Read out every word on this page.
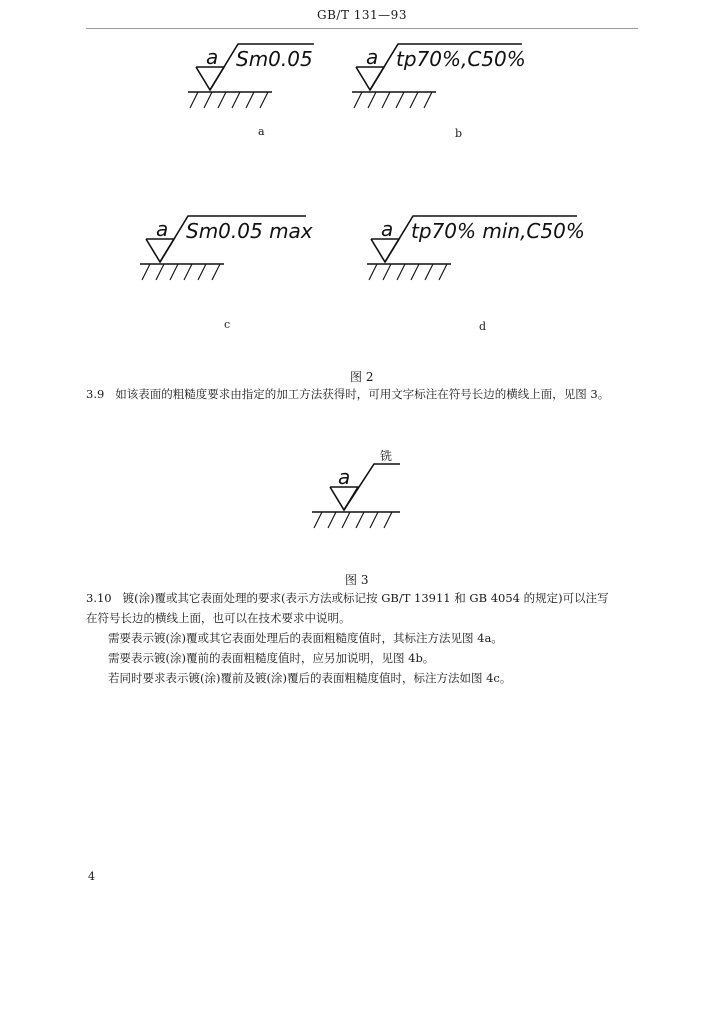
GB/T 131—93
a Sm0.05
a
a tp70%,C50%
b
a Sm0.05 max
c
a tp70% min,C50%
d
图 2
3.9 如该表面的粗糙度要求由指定的加工方法获得时，可用文字标注在符号长边的横线上面，见图 3。
a
铣
图 3
3.10 镀(涂)覆或其它表面处理的要求(表示方法或标记按 GB/T 13911 和 GB 4054 的规定)可以注写
在符号长边的横线上面，也可以在技术要求中说明。
需要表示镀(涂)覆或其它表面处理后的表面粗糙度值时，其标注方法见图 4a。
需要表示镀(涂)覆前的表面粗糙度值时，应另加说明，见图 4b。
若同时要求表示镀(涂)覆前及镀(涂)覆后的表面粗糙度值时，标注方法如图 4c。
4
